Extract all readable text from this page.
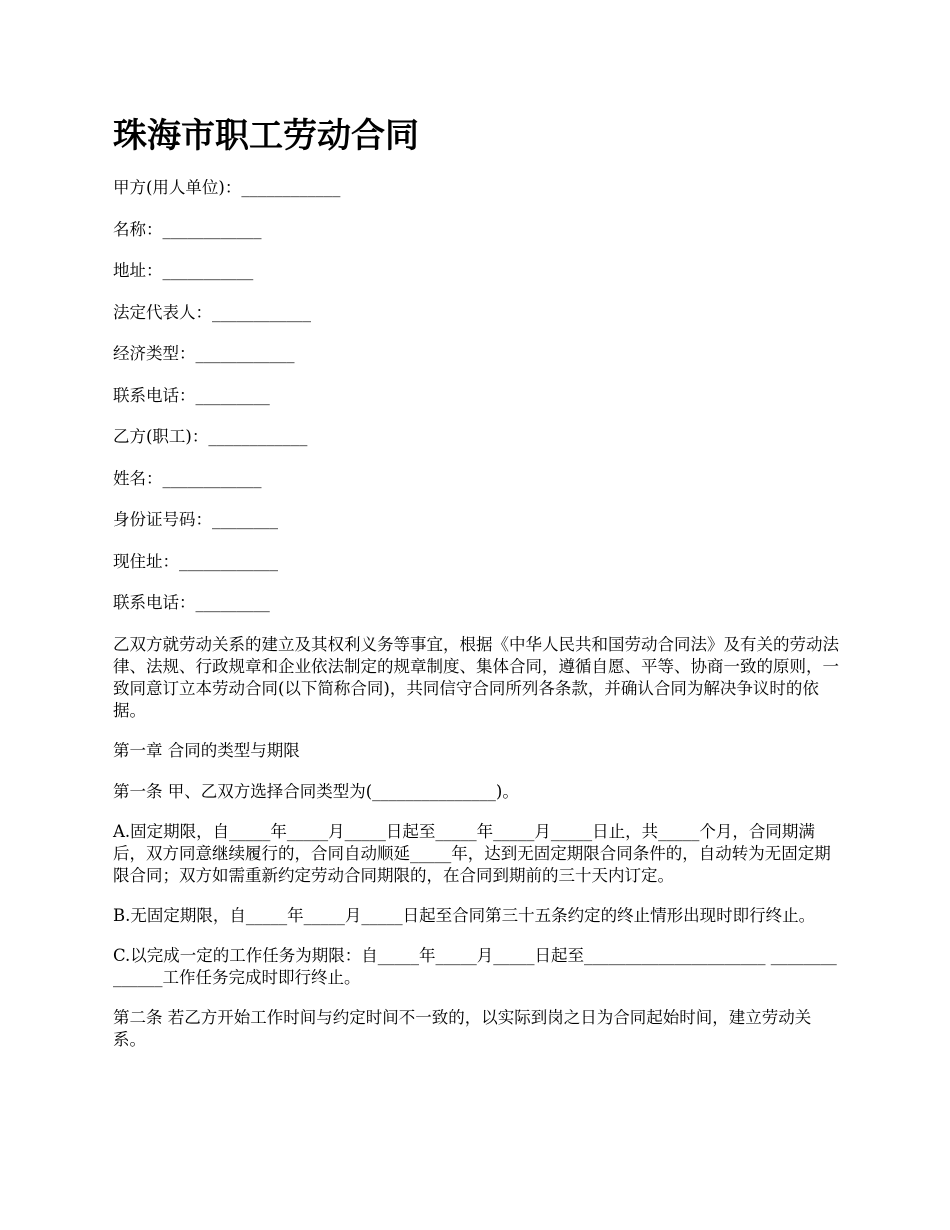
珠海市职工劳动合同
甲方(用人单位)：____________
名称：____________
地址：___________
法定代表人：____________
经济类型：____________
联系电话：_________
乙方(职工)：____________
姓名：____________
身份证号码：________
现住址：____________
联系电话：_________

乙双方就劳动关系的建立及其权利义务等事宜，根据《中华人民共和国劳动合同法》及有关的劳动法律、法规、行政规章和企业依法制定的规章制度、集体合同，遵循自愿、平等、协商一致的原则，一致同意订立本劳动合同(以下简称合同)，共同信守合同所列各条款，并确认合同为解决争议时的依据。

第一章 合同的类型与期限

第一条 甲、乙双方选择合同类型为(_______________)。

A.固定期限，自_____年_____月_____日起至_____年_____月_____日止，共_____个月，合同期满后，双方同意继续履行的，合同自动顺延_____年，达到无固定期限合同条件的，自动转为无固定期限合同；双方如需重新约定劳动合同期限的，在合同到期前的三十天内订定。

B.无固定期限，自_____年_____月_____日起至合同第三十五条约定的终止情形出现时即行终止。

C.以完成一定的工作任务为期限：自_____年_____月_____日起至______________________ ______________工作任务完成时即行终止。

第二条 若乙方开始工作时间与约定时间不一致的，以实际到岗之日为合同起始时间，建立劳动关系。
